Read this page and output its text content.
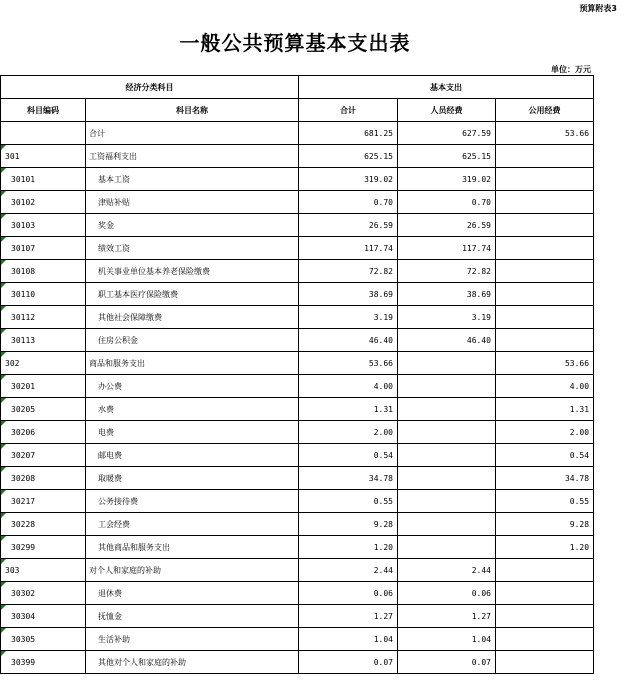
预算附表3
一般公共预算基本支出表
单位：万元
经济分类科目		基本支出		
科目编码	科目名称	合计	人员经费	公用经费
	合计	681.25	627.59	53.66
301	工资福利支出	625.15	625.15	
30101	基本工资	319.02	319.02	
30102	津贴补贴	0.70	0.70	
30103	奖金	26.59	26.59	
30107	绩效工资	117.74	117.74	
30108	机关事业单位基本养老保险缴费	72.82	72.82	
30110	职工基本医疗保险缴费	38.69	38.69	
30112	其他社会保障缴费	3.19	3.19	
30113	住房公积金	46.40	46.40	
302	商品和服务支出	53.66		53.66
30201	办公费	4.00		4.00
30205	水费	1.31		1.31
30206	电费	2.00		2.00
30207	邮电费	0.54		0.54
30208	取暖费	34.78		34.78
30217	公务接待费	0.55		0.55
30228	工会经费	9.28		9.28
30299	其他商品和服务支出	1.20		1.20
303	对个人和家庭的补助	2.44	2.44	
30302	退休费	0.06	0.06	
30304	抚恤金	1.27	1.27	
30305	生活补助	1.04	1.04	
30399	其他对个人和家庭的补助	0.07	0.07	
